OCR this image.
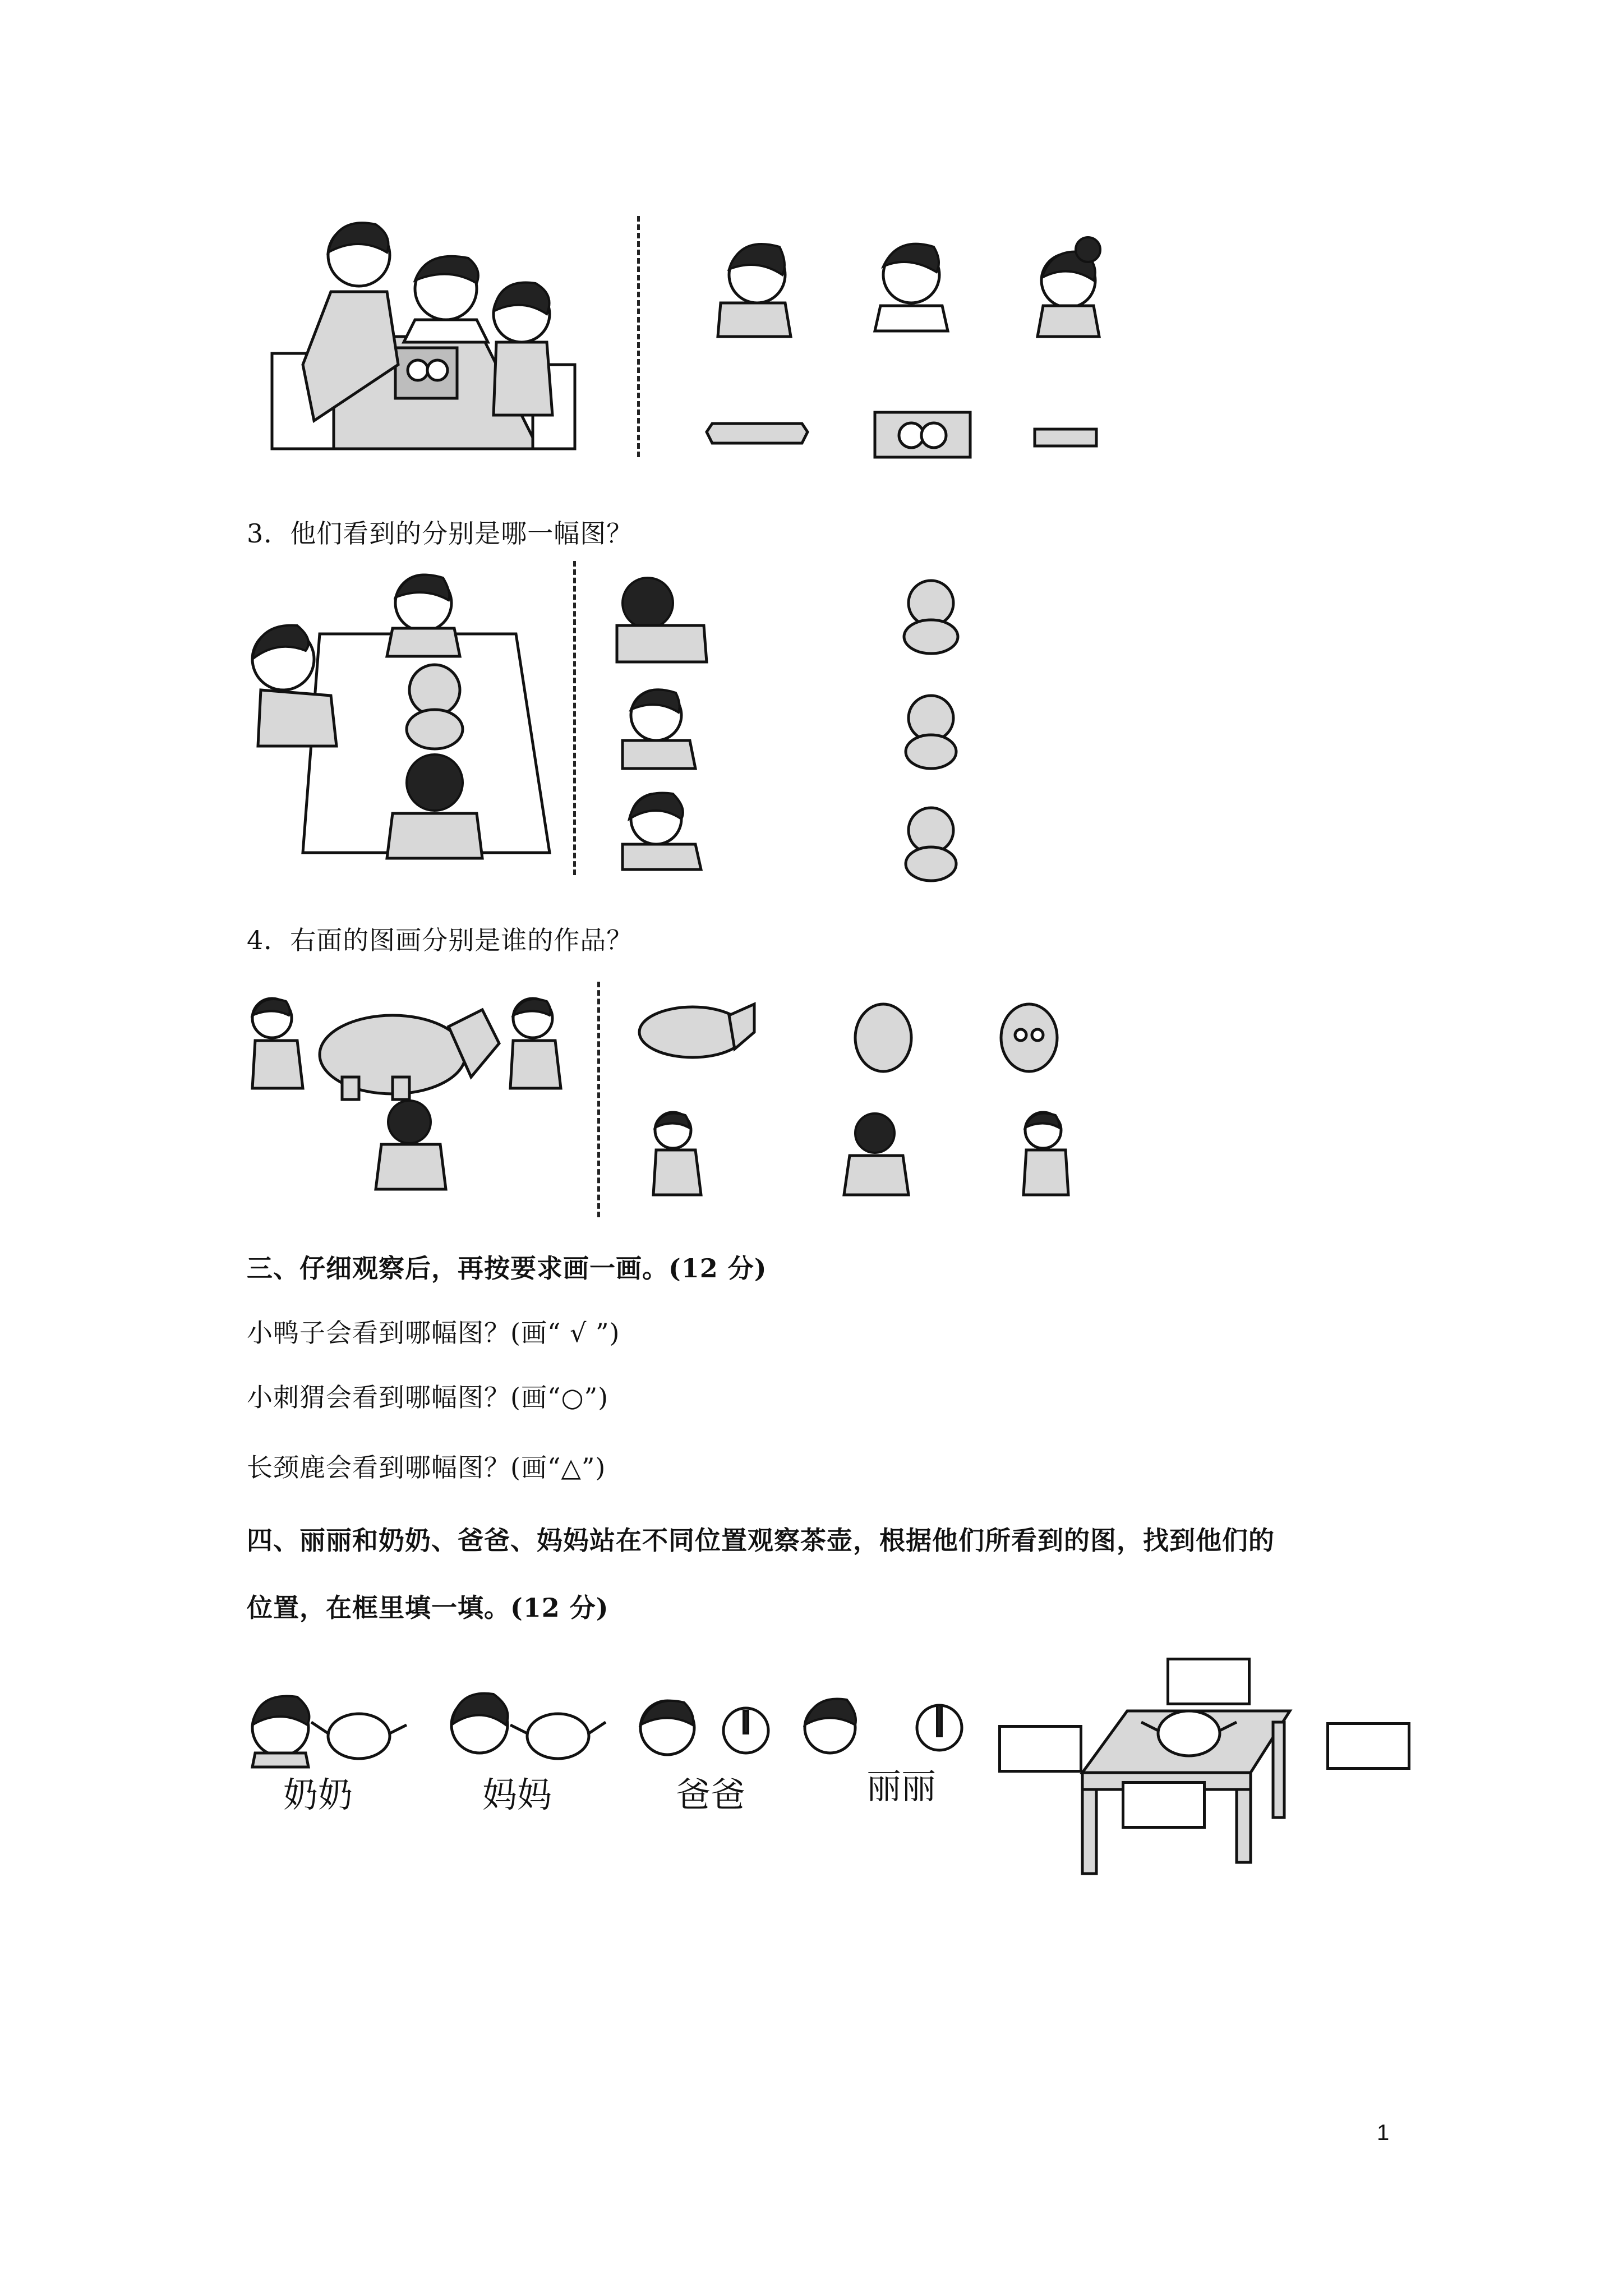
3．他们看到的分别是哪一幅图？
4．右面的图画分别是谁的作品？
三、仔细观察后，再按要求画一画。(12 分)
小鸭子会看到哪幅图？(画“ √ ”)
小刺猬会看到哪幅图？(画“○”)
长颈鹿会看到哪幅图？(画“△”)
四、丽丽和奶奶、爸爸、妈妈站在不同位置观察茶壶，根据他们所看到的图，找到他们的
位置，在框里填一填。(12 分)
奶奶	妈妈	爸爸	丽丽
1
